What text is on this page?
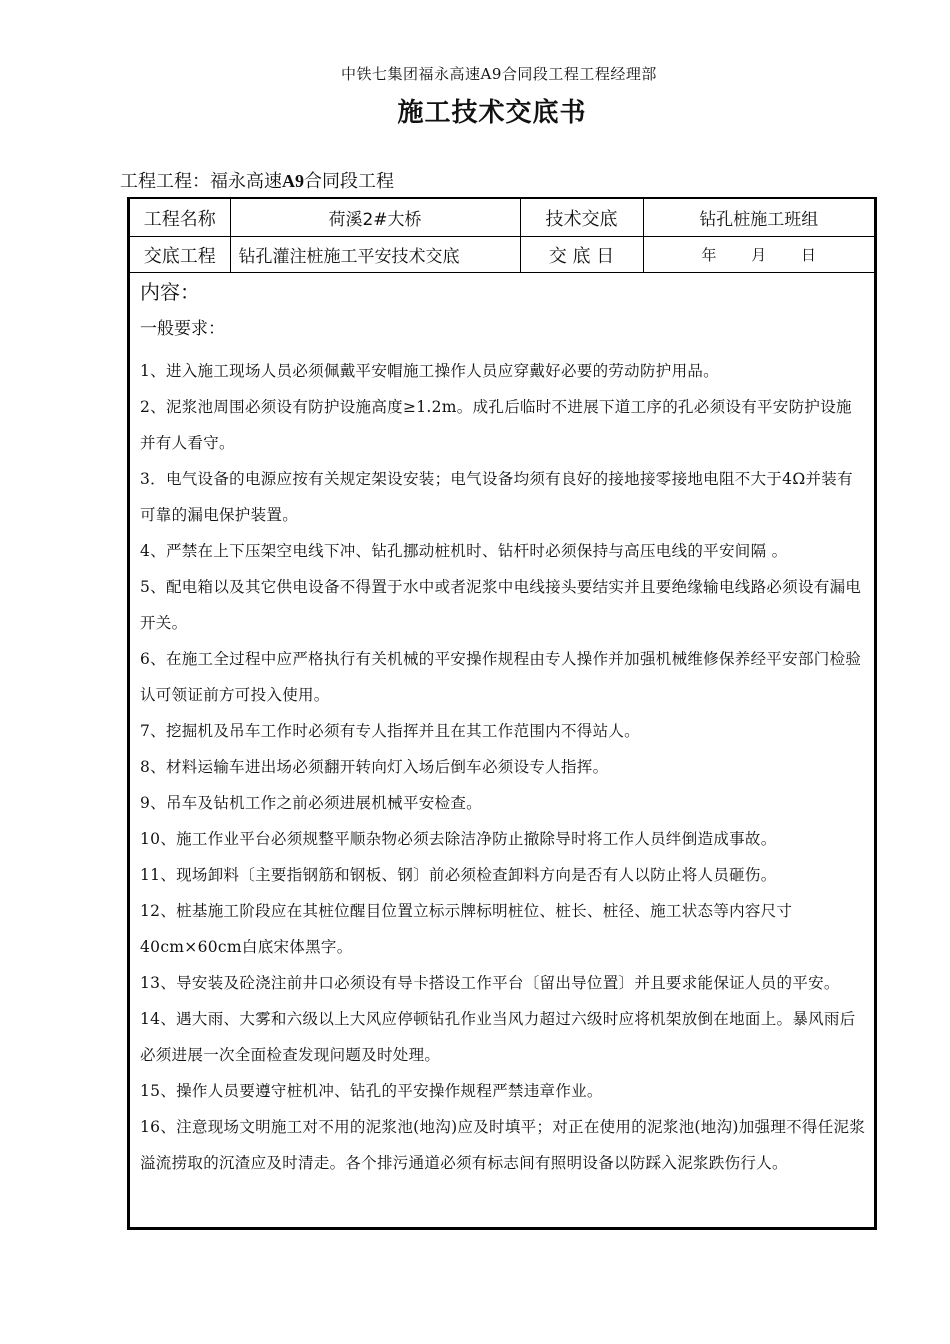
中铁七集团福永高速A9合同段工程工程经理部
施工技术交底书
工程工程：福永高速A9合同段工程
工程名称	荷溪2#大桥	技术交底	钻孔桩施工班组
交底工程	钻孔灌注桩施工平安技术交底	交 底 日	年 月 日
内容：
一般要求：
1、进入施工现场人员必须佩戴平安帽施工操作人员应穿戴好必要的劳动防护用品。
2、泥浆池周围必须设有防护设施高度≥1.2m。成孔后临时不进展下道工序的孔必须设有平安防护设施并有人看守。
3．电气设备的电源应按有关规定架设安装；电气设备均须有良好的接地接零接地电阻不大于4Ω并装有可靠的漏电保护装置。
4、严禁在上下压架空电线下冲、钻孔挪动桩机时、钻杆时必须保持与高压电线的平安间隔 。
5、配电箱以及其它供电设备不得置于水中或者泥浆中电线接头要结实并且要绝缘输电线路必须设有漏电开关。
6、在施工全过程中应严格执行有关机械的平安操作规程由专人操作并加强机械维修保养经平安部门检验认可领证前方可投入使用。
7、挖掘机及吊车工作时必须有专人指挥并且在其工作范围内不得站人。
8、材料运输车进出场必须翻开转向灯入场后倒车必须设专人指挥。
9、吊车及钻机工作之前必须进展机械平安检查。
10、施工作业平台必须规整平顺杂物必须去除洁净防止撤除导时将工作人员绊倒造成事故。
11、现场卸料〔主要指钢筋和钢板、钢〕前必须检查卸料方向是否有人以防止将人员砸伤。
12、桩基施工阶段应在其桩位醒目位置立标示牌标明桩位、桩长、桩径、施工状态等内容尺寸40cm×60cm白底宋体黑字。
13、导安装及砼浇注前井口必须设有导卡搭设工作平台〔留出导位置〕并且要求能保证人员的平安。
14、遇大雨、大雾和六级以上大风应停顿钻孔作业当风力超过六级时应将机架放倒在地面上。暴风雨后必须进展一次全面检查发现问题及时处理。
15、操作人员要遵守桩机冲、钻孔的平安操作规程严禁违章作业。
16、注意现场文明施工对不用的泥浆池(地沟)应及时填平；对正在使用的泥浆池(地沟)加强理不得任泥浆溢流捞取的沉渣应及时清走。各个排污通道必须有标志间有照明设备以防踩入泥浆跌伤行人。
